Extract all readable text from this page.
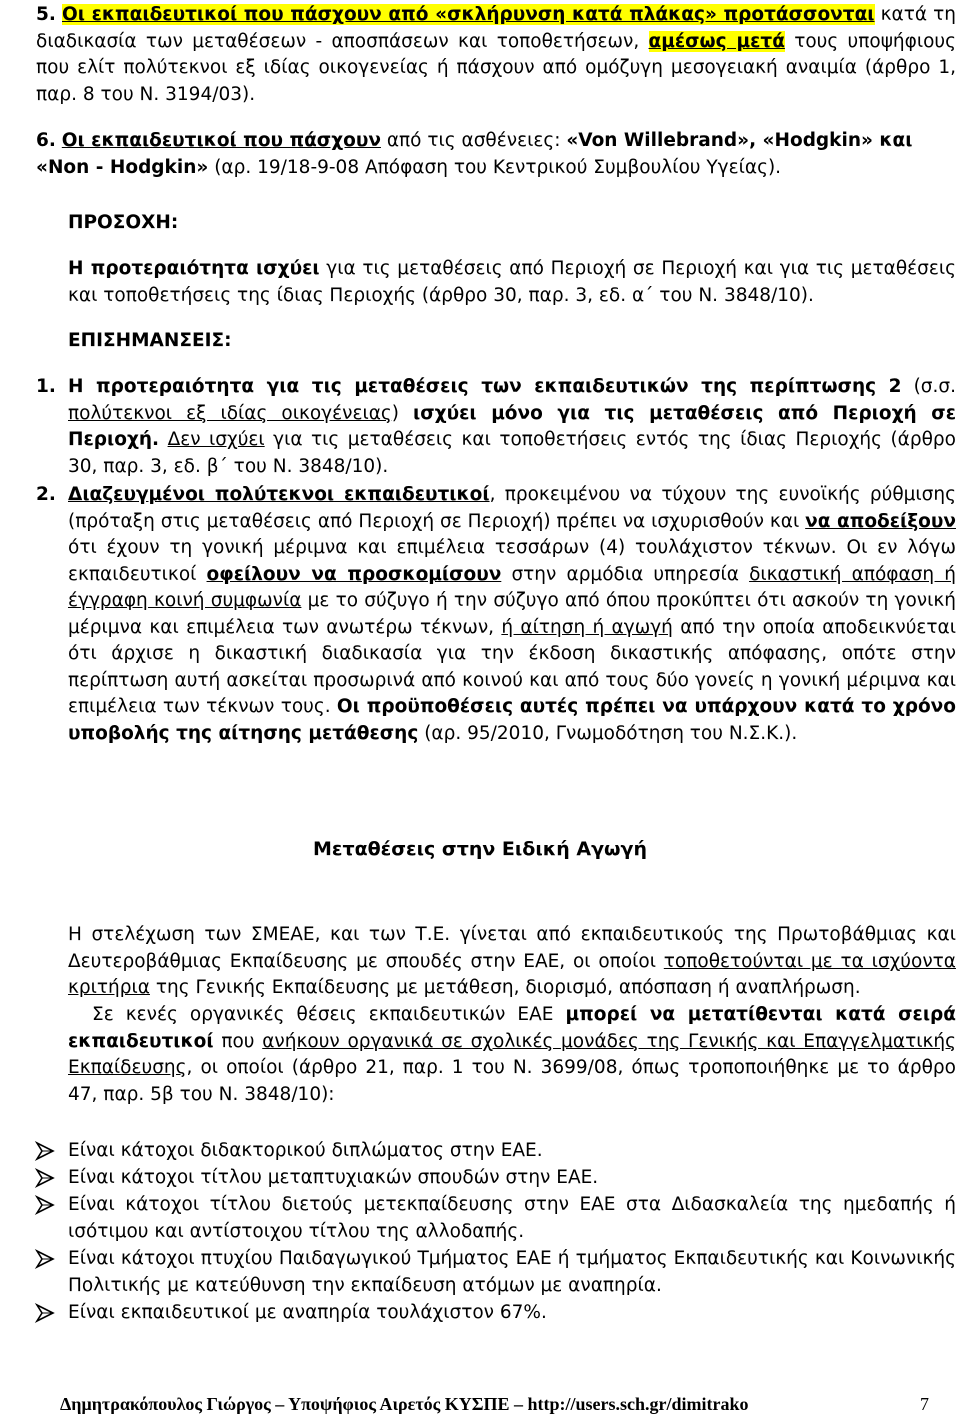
5. Οι εκπαιδευτικοί που πάσχουν από «σκλήρυνση κατά πλάκας» προτάσσονται κατά τη διαδικασία των μεταθέσεων - αποσπάσεων και τοποθετήσεων, αμέσως μετά τους υποψήφιους που ελίτ πολύτεκνοι εξ ιδίας οικογενείας ή πάσχουν από ομόζυγη μεσογειακή αναιμία (άρθρο 1, παρ. 8 του Ν. 3194/03).

6. Οι εκπαιδευτικοί που πάσχουν από τις ασθένειες: «Von Willebrand», «Hodgkin» και «Non - Hodgkin» (αρ. 19/18-9-08 Απόφαση του Κεντρικού Συμβουλίου Υγείας).

ΠΡΟΣΟΧΗ:

Η προτεραιότητα ισχύει για τις μεταθέσεις από Περιοχή σε Περιοχή και για τις μεταθέσεις και τοποθετήσεις της ίδιας Περιοχής (άρθρο 30, παρ. 3, εδ. α΄ του Ν. 3848/10).

ΕΠΙΣΗΜΑΝΣΕΙΣ:

1. Η προτεραιότητα για τις μεταθέσεις των εκπαιδευτικών της περίπτωσης 2 (σ.σ. πολύτεκνοι εξ ιδίας οικογένειας) ισχύει μόνο για τις μεταθέσεις από Περιοχή σε Περιοχή. Δεν ισχύει για τις μεταθέσεις και τοποθετήσεις εντός της ίδιας Περιοχής (άρθρο 30, παρ. 3, εδ. β΄ του Ν. 3848/10).

2. Διαζευγμένοι πολύτεκνοι εκπαιδευτικοί, προκειμένου να τύχουν της ευνοϊκής ρύθμισης (πρόταξη στις μεταθέσεις από Περιοχή σε Περιοχή) πρέπει να ισχυρισθούν και να αποδείξουν ότι έχουν τη γονική μέριμνα και επιμέλεια τεσσάρων (4) τουλάχιστον τέκνων. Οι εν λόγω εκπαιδευτικοί οφείλουν να προσκομίσουν στην αρμόδια υπηρεσία δικαστική απόφαση ή έγγραφη κοινή συμφωνία με το σύζυγο ή την σύζυγο από όπου προκύπτει ότι ασκούν τη γονική μέριμνα και επιμέλεια των ανωτέρω τέκνων, ή αίτηση ή αγωγή από την οποία αποδεικνύεται ότι άρχισε η δικαστική διαδικασία για την έκδοση δικαστικής απόφασης, οπότε στην περίπτωση αυτή ασκείται προσωρινά από κοινού και από τους δύο γονείς η γονική μέριμνα και επιμέλεια των τέκνων τους. Οι προϋποθέσεις αυτές πρέπει να υπάρχουν κατά το χρόνο υποβολής της αίτησης μετάθεσης (αρ. 95/2010, Γνωμοδότηση του Ν.Σ.Κ.).

Μεταθέσεις στην Ειδική Αγωγή

Η στελέχωση των ΣΜΕΑΕ, και των Τ.Ε. γίνεται από εκπαιδευτικούς της Πρωτοβάθμιας και Δευτεροβάθμιας Εκπαίδευσης με σπουδές στην ΕΑΕ, οι οποίοι τοποθετούνται με τα ισχύοντα κριτήρια της Γενικής Εκπαίδευσης με μετάθεση, διορισμό, απόσπαση ή αναπλήρωση.

Σε κενές οργανικές θέσεις εκπαιδευτικών ΕΑΕ μπορεί να μετατίθενται κατά σειρά εκπαιδευτικοί που ανήκουν οργανικά σε σχολικές μονάδες της Γενικής και Επαγγελματικής Εκπαίδευσης, οι οποίοι (άρθρο 21, παρ. 1 του Ν. 3699/08, όπως τροποποιήθηκε με το άρθρο 47, παρ. 5β του Ν. 3848/10):

Είναι κάτοχοι διδακτορικού διπλώματος στην ΕΑΕ.

Είναι κάτοχοι τίτλου μεταπτυχιακών σπουδών στην ΕΑΕ.

Είναι κάτοχοι τίτλου διετούς μετεκπαίδευσης στην ΕΑΕ στα Διδασκαλεία της ημεδαπής ή ισότιμου και αντίστοιχου τίτλου της αλλοδαπής.

Είναι κάτοχοι πτυχίου Παιδαγωγικού Τμήματος ΕΑΕ ή τμήματος Εκπαιδευτικής και Κοινωνικής Πολιτικής με κατεύθυνση την εκπαίδευση ατόμων με αναπηρία.

Είναι εκπαιδευτικοί με αναπηρία τουλάχιστον 67%.

Δημητρακόπουλος Γιώργος – Υποψήφιος Αιρετός ΚΥΣΠΕ – http://users.sch.gr/dimitrako	7
